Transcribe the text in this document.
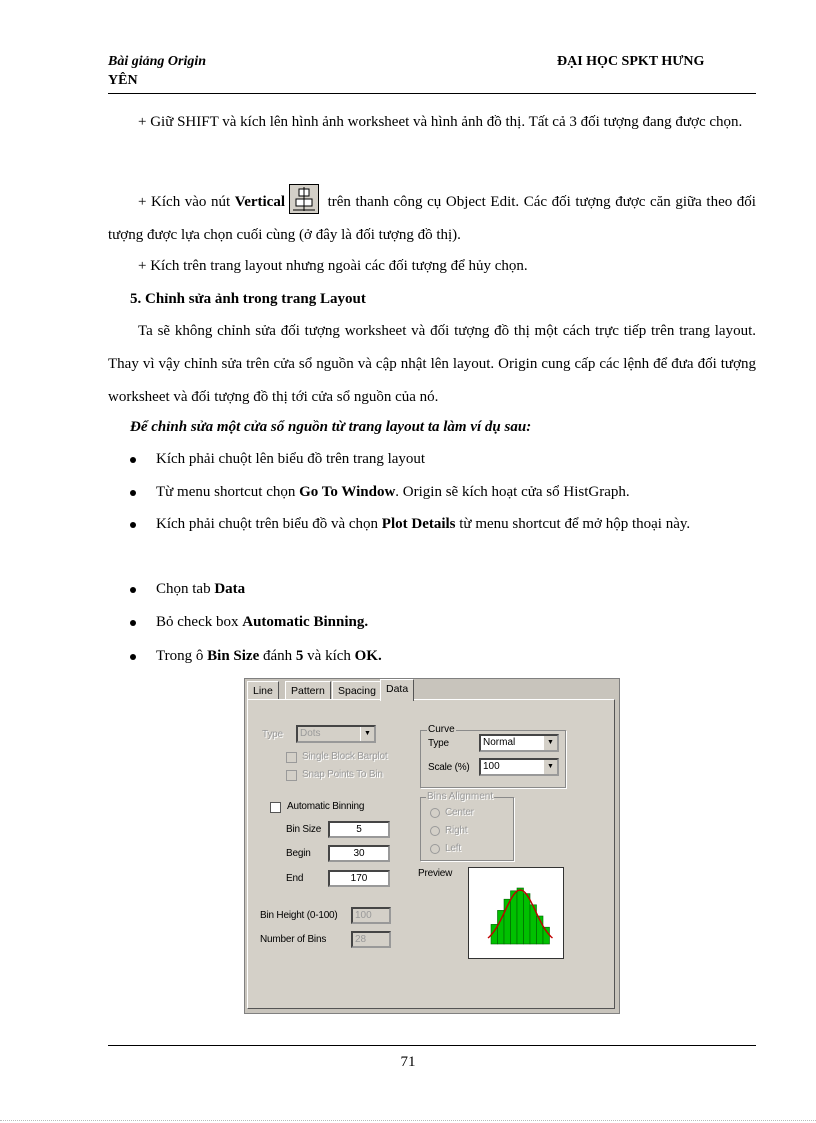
Bài giảng Origin
YÊN
ĐẠI HỌC SPKT HƯNG
+ Giữ SHIFT và kích lên hình ảnh worksheet và hình ảnh đồ thị. Tất cả 3 đối tượng đang được chọn.
+ Kích vào nút Vertical	trên thanh công cụ Object Edit. Các đối tượng được căn giữa theo đối tượng được lựa chọn cuối cùng (ở đây là đối tượng đồ thị).
+ Kích trên trang layout nhưng ngoài các đối tượng để hủy chọn.
5. Chỉnh sửa ảnh trong trang Layout
Ta sẽ không chỉnh sửa đối tượng worksheet và đối tượng đồ thị một cách trực tiếp trên trang layout. Thay vì vậy chỉnh sửa trên cửa sổ nguồn và cập nhật lên layout. Origin cung cấp các lệnh để đưa đối tượng worksheet và đối tượng đồ thị tới cửa sổ nguồn của nó.
Để chỉnh sửa một cửa sổ nguồn từ trang layout ta làm ví dụ sau:
Kích phải chuột lên biểu đồ trên trang layout
Từ menu shortcut chọn Go To Window. Origin sẽ kích hoạt cửa sổ HistGraph.
Kích phải chuột trên biểu đồ và chọn Plot Details từ menu shortcut để mở hộp thoại này.
Chọn tab Data
Bỏ check box Automatic Binning.
Trong ô Bin Size đánh 5 và kích OK.
Line	Pattern	Spacing Data
Type	Dots	▼
Single Block Barplot
Snap Points To Bin
Automatic Binning
Bin Size	5
Begin	30
End	170
Bin Height (0-100)	100
Number of Bins	28
Curve
Type	Normal	▼
Scale (%)	100	▼
Bins Alignment
Center
Right
Left
Preview
71
